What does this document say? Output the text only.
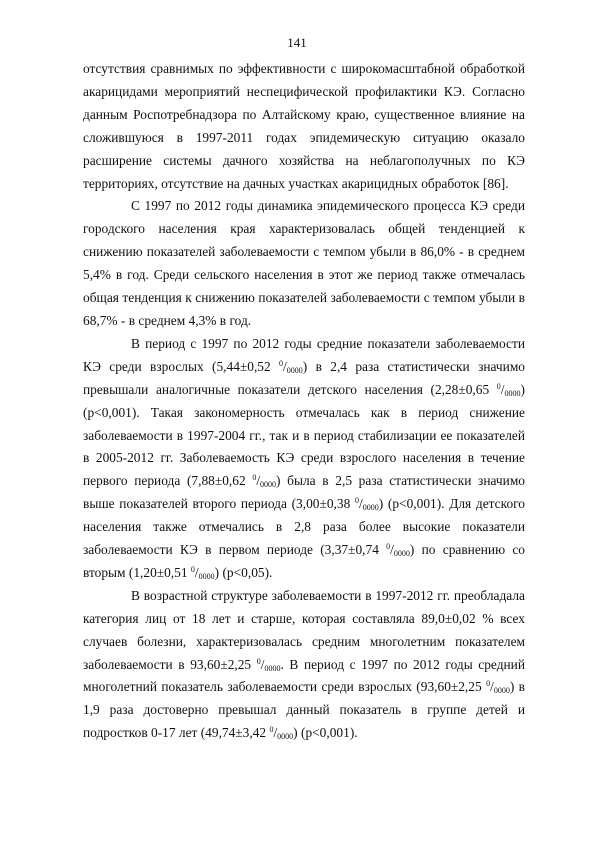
141

отсутствия сравнимых по эффективности с широкомасштабной обработкой акарицидами мероприятий неспецифической профилактики КЭ. Согласно данным Роспотребнадзора по Алтайскому краю, существенное влияние на сложившуюся в 1997-2011 годах эпидемическую ситуацию оказало расширение системы дачного хозяйства на неблагополучных по КЭ территориях, отсутствие на дачных участках акарицидных обработок [86].

С 1997 по 2012 годы динамика эпидемического процесса КЭ среди городского населения края характеризовалась общей тенденцией к снижению показателей заболеваемости с темпом убыли в 86,0% - в среднем 5,4% в год. Среди сельского населения в этот же период также отмечалась общая тенденция к снижению показателей заболеваемости с темпом убыли в 68,7% - в среднем 4,3% в год.

В период с 1997 по 2012 годы средние показатели заболеваемости КЭ среди взрослых (5,44±0,52 $^0/_{0000}$) в 2,4 раза статистически значимо превышали аналогичные показатели детского населения (2,28±0,65 $^0/_{0000}$) (p<0,001). Такая закономерность отмечалась как в период снижение заболеваемости в 1997-2004 гг., так и в период стабилизации ее показателей в 2005-2012 гг. Заболеваемость КЭ среди взрослого населения в течение первого периода (7,88±0,62 $^0/_{0000}$) была в 2,5 раза статистически значимо выше показателей второго периода (3,00±0,38 $^0/_{0000}$) (p<0,001). Для детского населения также отмечались в 2,8 раза более высокие показатели заболеваемости КЭ в первом периоде (3,37±0,74 $^0/_{0000}$) по сравнению со вторым (1,20±0,51 $^0/_{0000}$) (p<0,05).

В возрастной структуре заболеваемости в 1997-2012 гг. преобладала категория лиц от 18 лет и старше, которая составляла 89,0±0,02 % всех случаев болезни, характеризовалась средним многолетним показателем заболеваемости в 93,60±2,25 $^0/_{0000}$. В период с 1997 по 2012 годы средний многолетний показатель заболеваемости среди взрослых (93,60±2,25 $^0/_{0000}$) в 1,9 раза достоверно превышал данный показатель в группе детей и подростков 0-17 лет (49,74±3,42 $^0/_{0000}$) (p<0,001).
